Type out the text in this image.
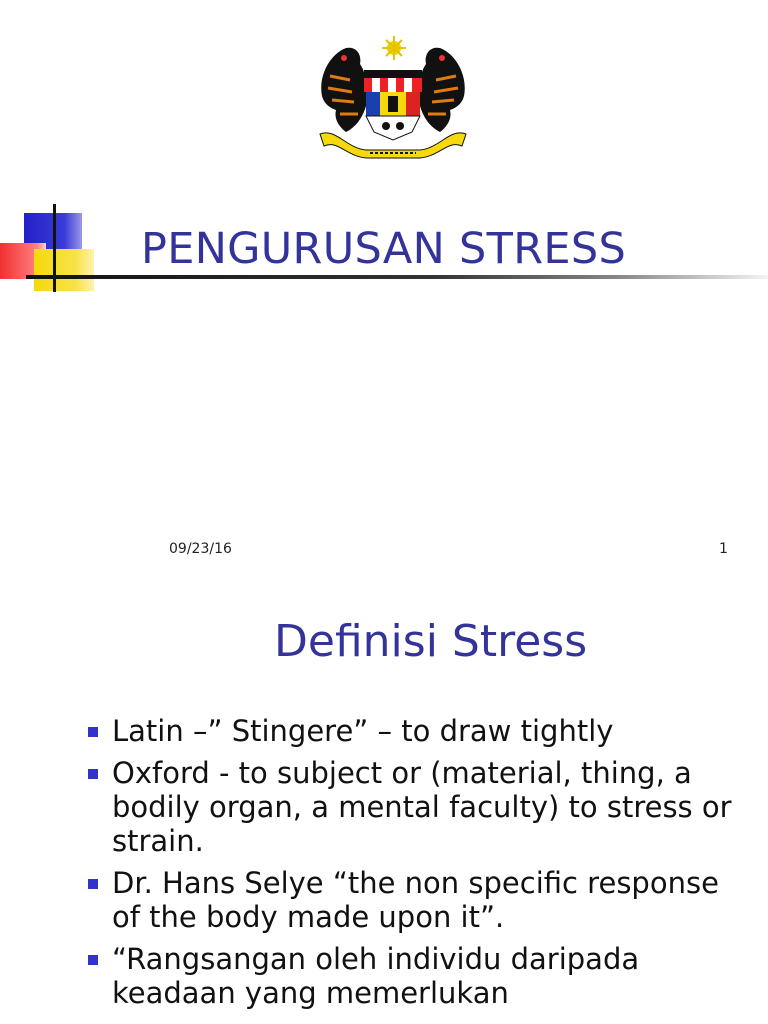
PENGURUSAN STRESS
09/23/16	1
Definisi Stress
Latin –” Stingere” – to draw tightly
Oxford - to subject or (material, thing, a bodily organ, a mental faculty) to stress or strain.
Dr. Hans Selye “the non specific response of the body made upon it”.
“Rangsangan oleh individu daripada keadaan yang memerlukan
